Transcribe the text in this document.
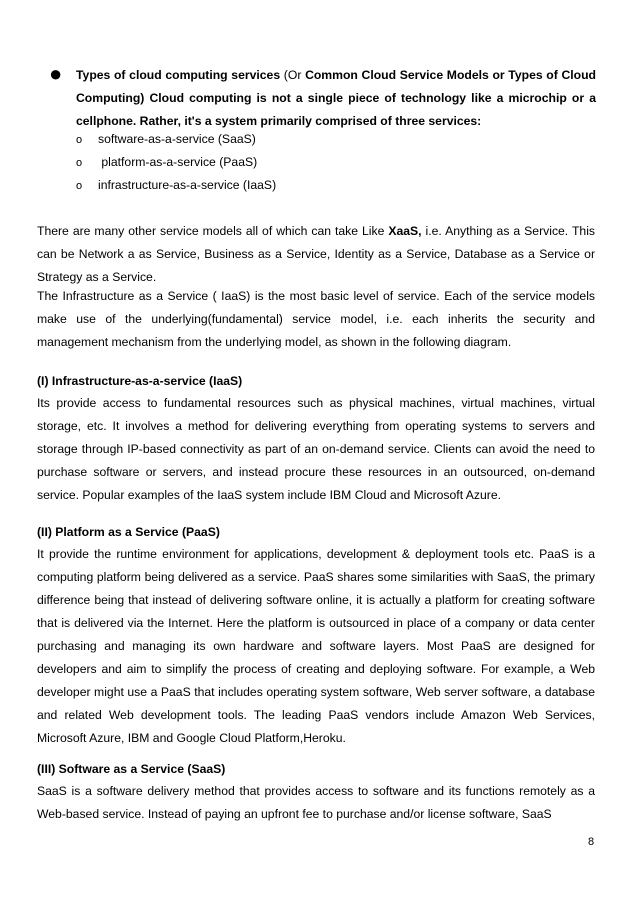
● Types of cloud computing services (Or Common Cloud Service Models or Types of Cloud Computing) Cloud computing is not a single piece of technology like a microchip or a cellphone. Rather, it's a system primarily comprised of three services:
o software-as-a-service (SaaS)
o platform-as-a-service (PaaS)
o infrastructure-as-a-service (IaaS)

There are many other service models all of which can take Like XaaS, i.e. Anything as a Service. This can be Network a as Service, Business as a Service, Identity as a Service, Database as a Service or Strategy as a Service.

The Infrastructure as a Service ( IaaS) is the most basic level of service. Each of the service models make use of the underlying(fundamental) service model, i.e. each inherits the security and management mechanism from the underlying model, as shown in the following diagram.

(I) Infrastructure-as-a-service (IaaS)

Its provide access to fundamental resources such as physical machines, virtual machines, virtual storage, etc. It involves a method for delivering everything from operating systems to servers and storage through IP-based connectivity as part of an on-demand service. Clients can avoid the need to purchase software or servers, and instead procure these resources in an outsourced, on-demand service. Popular examples of the IaaS system include IBM Cloud and Microsoft Azure.

(II) Platform as a Service (PaaS)

It provide the runtime environment for applications, development & deployment tools etc. PaaS is a computing platform being delivered as a service. PaaS shares some similarities with SaaS, the primary difference being that instead of delivering software online, it is actually a platform for creating software that is delivered via the Internet. Here the platform is outsourced in place of a company or data center purchasing and managing its own hardware and software layers. Most PaaS are designed for developers and aim to simplify the process of creating and deploying software. For example, a Web developer might use a PaaS that includes operating system software, Web server software, a database and related Web development tools. The leading PaaS vendors include Amazon Web Services, Microsoft Azure, IBM and Google Cloud Platform,Heroku.

(III) Software as a Service (SaaS)

SaaS is a software delivery method that provides access to software and its functions remotely as a Web-based service. Instead of paying an upfront fee to purchase and/or license software, SaaS

8
